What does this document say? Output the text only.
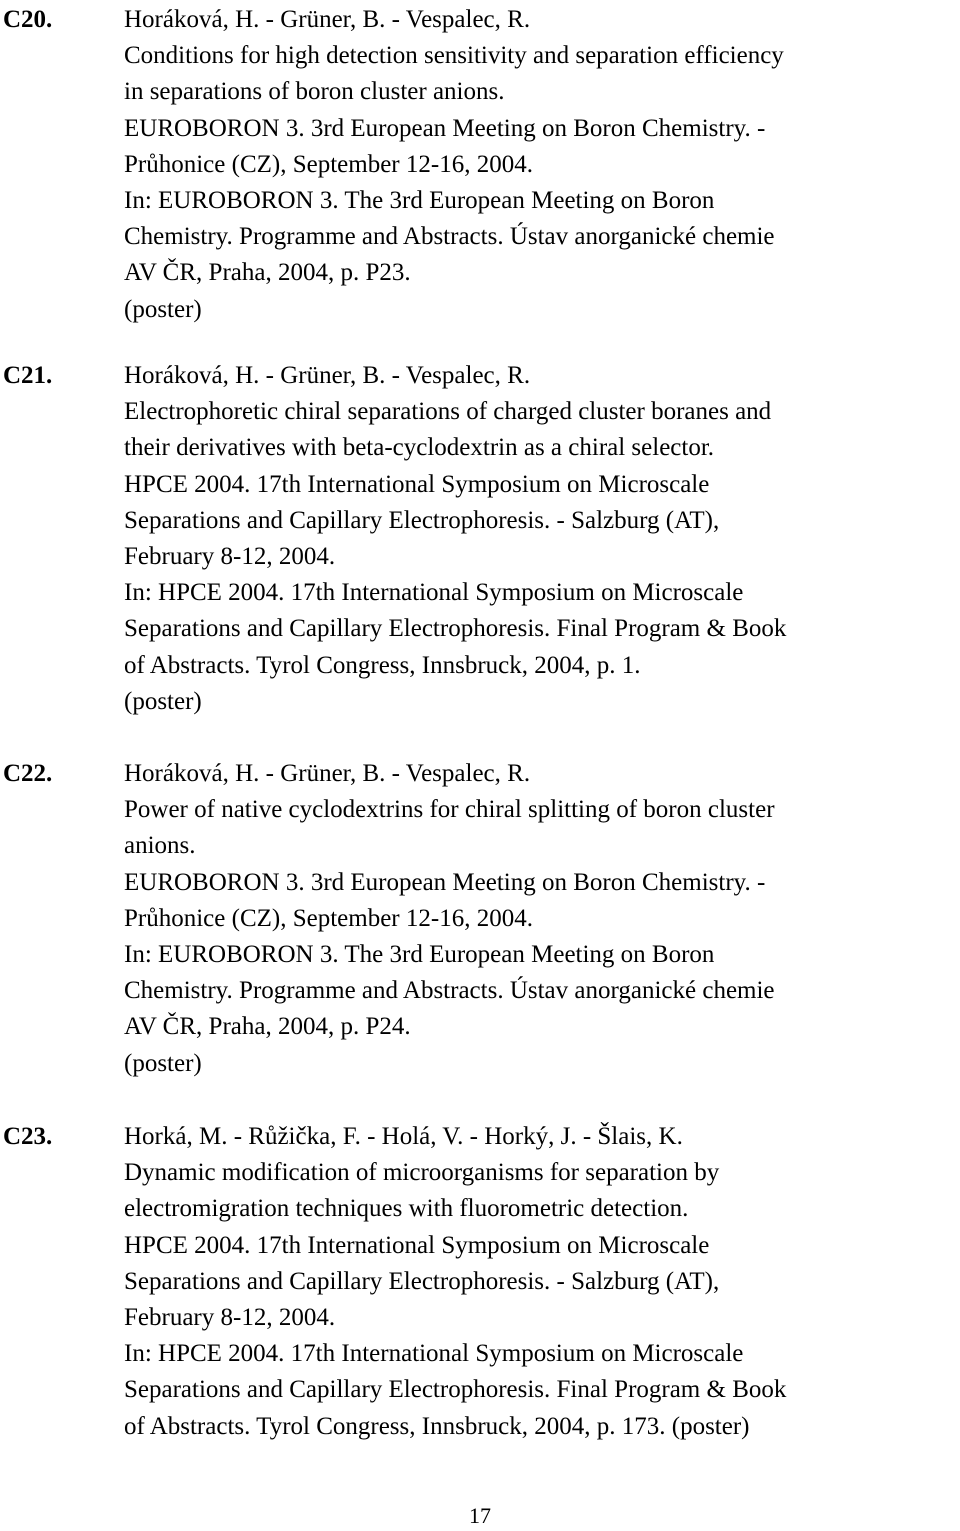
C20.	Horáková, H. - Grüner, B. - Vespalec, R.
Conditions for high detection sensitivity and separation efficiency
in separations of boron cluster anions.
EUROBORON 3. 3rd European Meeting on Boron Chemistry. -
Průhonice (CZ), September 12-16, 2004.
In: EUROBORON 3. The 3rd European Meeting on Boron
Chemistry. Programme and Abstracts. Ústav anorganické chemie
AV ČR, Praha, 2004, p. P23.
(poster)
C21.	Horáková, H. - Grüner, B. - Vespalec, R.
Electrophoretic chiral separations of charged cluster boranes and
their derivatives with beta-cyclodextrin as a chiral selector.
HPCE 2004. 17th International Symposium on Microscale
Separations and Capillary Electrophoresis. - Salzburg (AT),
February 8-12, 2004.
In: HPCE 2004. 17th International Symposium on Microscale
Separations and Capillary Electrophoresis. Final Program & Book
of Abstracts. Tyrol Congress, Innsbruck, 2004, p. 1.
(poster)
C22.	Horáková, H. - Grüner, B. - Vespalec, R.
Power of native cyclodextrins for chiral splitting of boron cluster
anions.
EUROBORON 3. 3rd European Meeting on Boron Chemistry. -
Průhonice (CZ), September 12-16, 2004.
In: EUROBORON 3. The 3rd European Meeting on Boron
Chemistry. Programme and Abstracts. Ústav anorganické chemie
AV ČR, Praha, 2004, p. P24.
(poster)
C23.	Horká, M. - Růžička, F. - Holá, V. - Horký, J. - Šlais, K.
Dynamic modification of microorganisms for separation by
electromigration techniques with fluorometric detection.
HPCE 2004. 17th International Symposium on Microscale
Separations and Capillary Electrophoresis. - Salzburg (AT),
February 8-12, 2004.
In: HPCE 2004. 17th International Symposium on Microscale
Separations and Capillary Electrophoresis. Final Program & Book
of Abstracts. Tyrol Congress, Innsbruck, 2004, p. 173. (poster)
17
